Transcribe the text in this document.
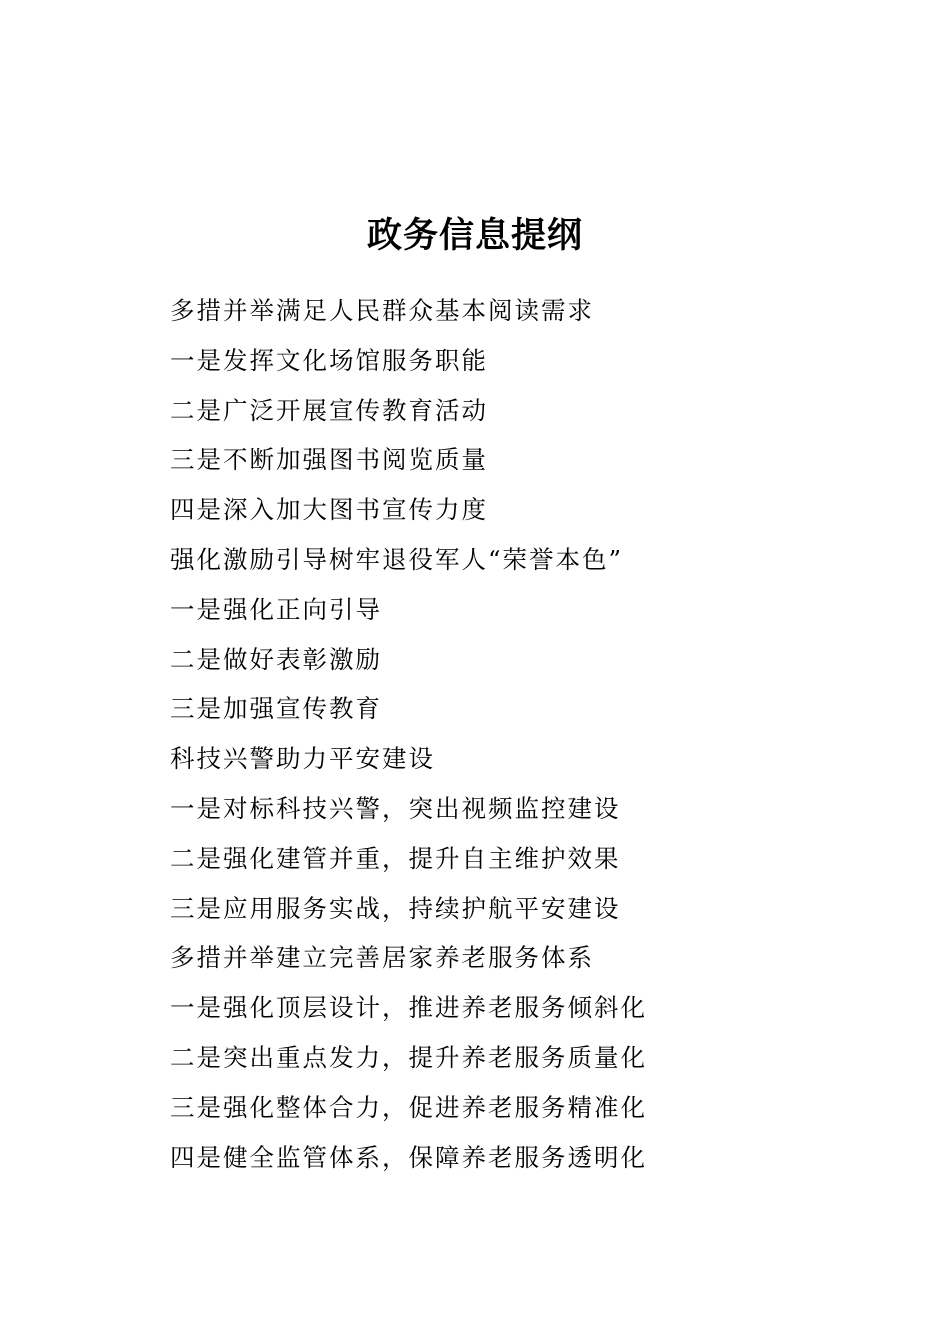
政务信息提纲
多措并举满足人民群众基本阅读需求
一是发挥文化场馆服务职能
二是广泛开展宣传教育活动
三是不断加强图书阅览质量
四是深入加大图书宣传力度
强化激励引导树牢退役军人“荣誉本色”
一是强化正向引导
二是做好表彰激励
三是加强宣传教育
科技兴警助力平安建设
一是对标科技兴警，突出视频监控建设
二是强化建管并重，提升自主维护效果
三是应用服务实战，持续护航平安建设
多措并举建立完善居家养老服务体系
一是强化顶层设计，推进养老服务倾斜化
二是突出重点发力，提升养老服务质量化
三是强化整体合力，促进养老服务精准化
四是健全监管体系，保障养老服务透明化
